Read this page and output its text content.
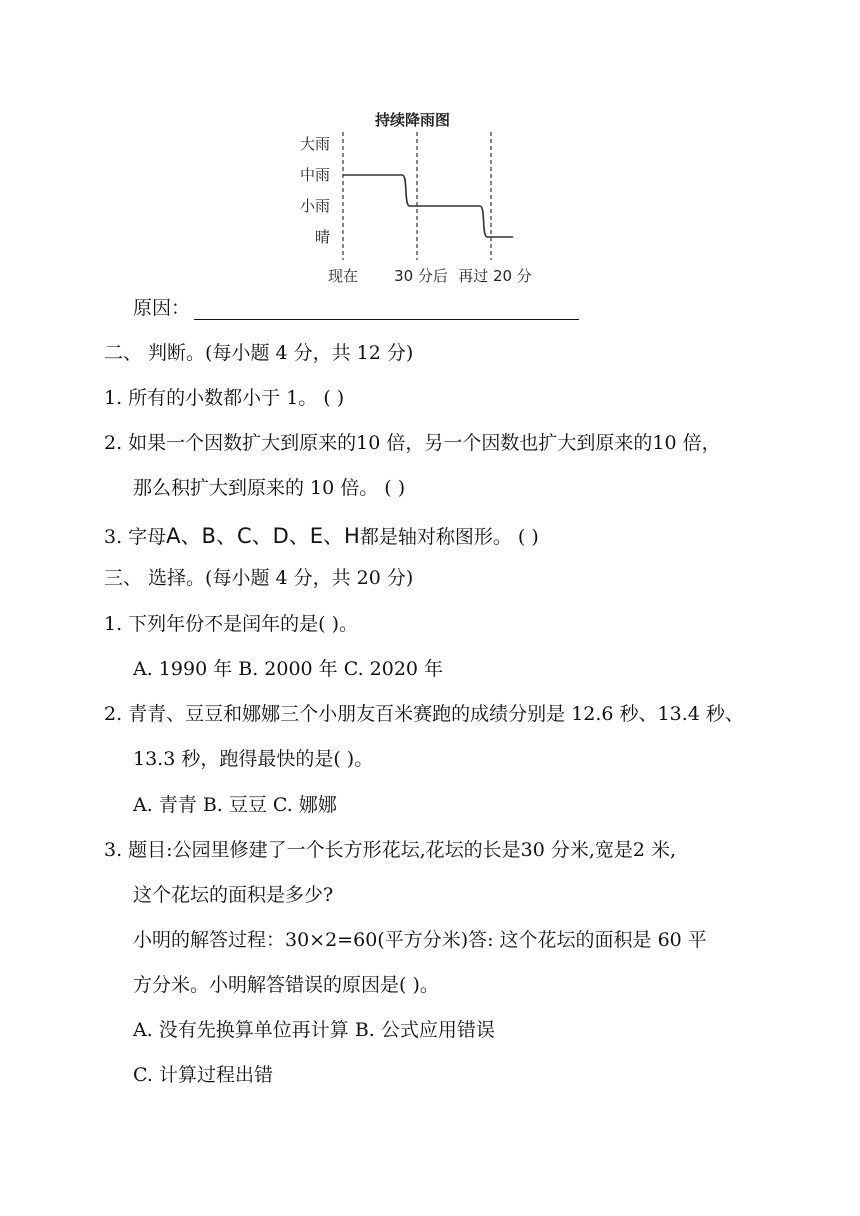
持续降雨图
大雨
中雨
小雨
晴
现在 30 分后 再过 20 分
原因：
二、 判断。(每小题 4 分，共 12 分)
1. 所有的小数都小于 1。 ( )
2. 如果一个因数扩大到原来的10 倍，另一个因数也扩大到原来的10 倍，
那么积扩大到原来的 10 倍。 ( )
3. 字母A、B、C、D、E、H都是轴对称图形。 ( )
三、 选择。(每小题 4 分，共 20 分)
1. 下列年份不是闰年的是( )。
A. 1990 年 B. 2000 年 C. 2020 年
2. 青青、豆豆和娜娜三个小朋友百米赛跑的成绩分别是 12.6 秒、13.4 秒、
13.3 秒，跑得最快的是( )。
A. 青青 B. 豆豆 C. 娜娜
3. 题目:公园里修建了一个长方形花坛,花坛的长是30 分米,宽是2 米,
这个花坛的面积是多少?
小明的解答过程：30×2=60(平方分米)答: 这个花坛的面积是 60 平
方分米。小明解答错误的原因是( )。
A. 没有先换算单位再计算 B. 公式应用错误
C. 计算过程出错
